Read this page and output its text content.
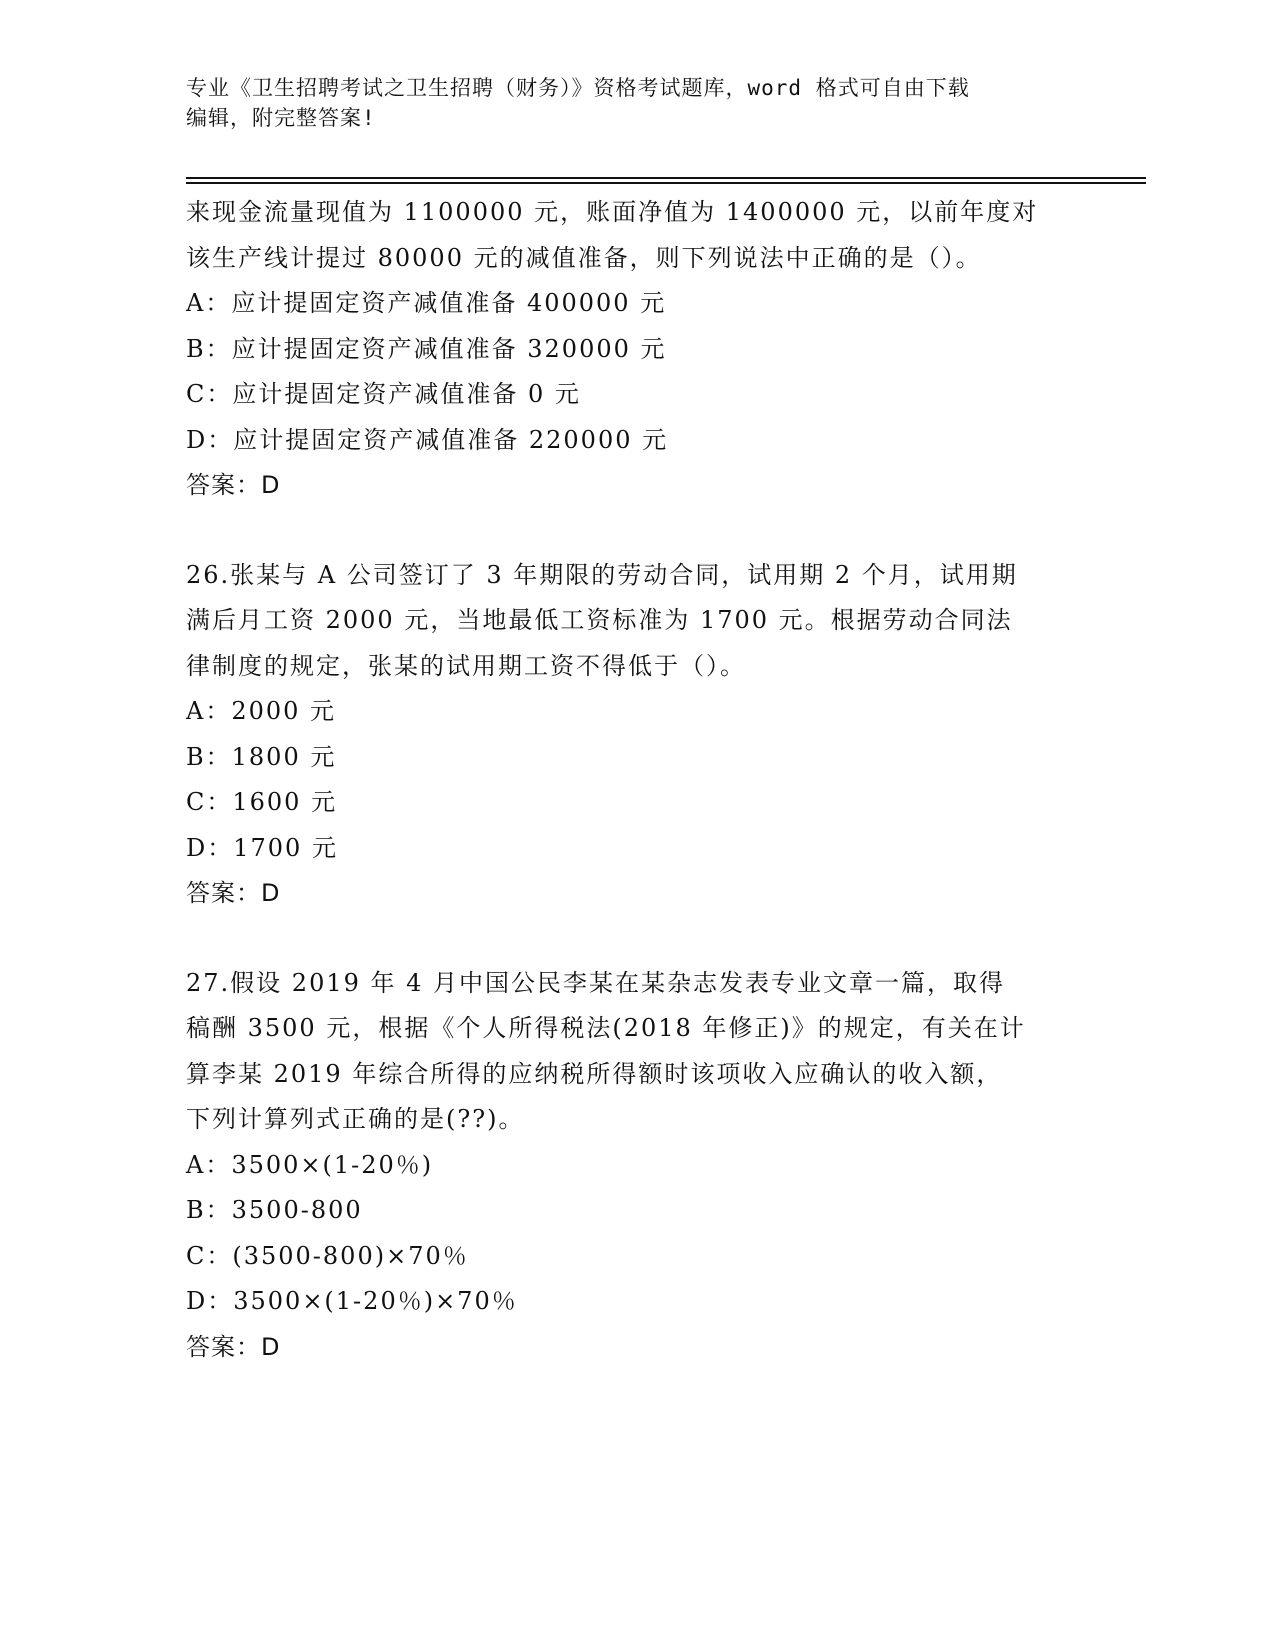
专业《卫生招聘考试之卫生招聘（财务）》资格考试题库，word 格式可自由下载
编辑，附完整答案!
来现金流量现值为 1100000 元，账面净值为 1400000 元，以前年度对
该生产线计提过 80000 元的减值准备，则下列说法中正确的是（）。
A：应计提固定资产减值准备 400000 元
B：应计提固定资产减值准备 320000 元
C：应计提固定资产减值准备 0 元
D：应计提固定资产减值准备 220000 元
答案：D
26.张某与 A 公司签订了 3 年期限的劳动合同，试用期 2 个月，试用期
满后月工资 2000 元，当地最低工资标准为 1700 元。根据劳动合同法
律制度的规定，张某的试用期工资不得低于（）。
A：2000 元
B：1800 元
C：1600 元
D：1700 元
答案：D
27.假设 2019 年 4 月中国公民李某在某杂志发表专业文章一篇，取得
稿酬 3500 元，根据《个人所得税法(2018 年修正)》的规定，有关在计
算李某 2019 年综合所得的应纳税所得额时该项收入应确认的收入额，
下列计算列式正确的是(??)。
A：3500×(1-20％)
B：3500-800
C：(3500-800)×70％
D：3500×(1-20％)×70％
答案：D
